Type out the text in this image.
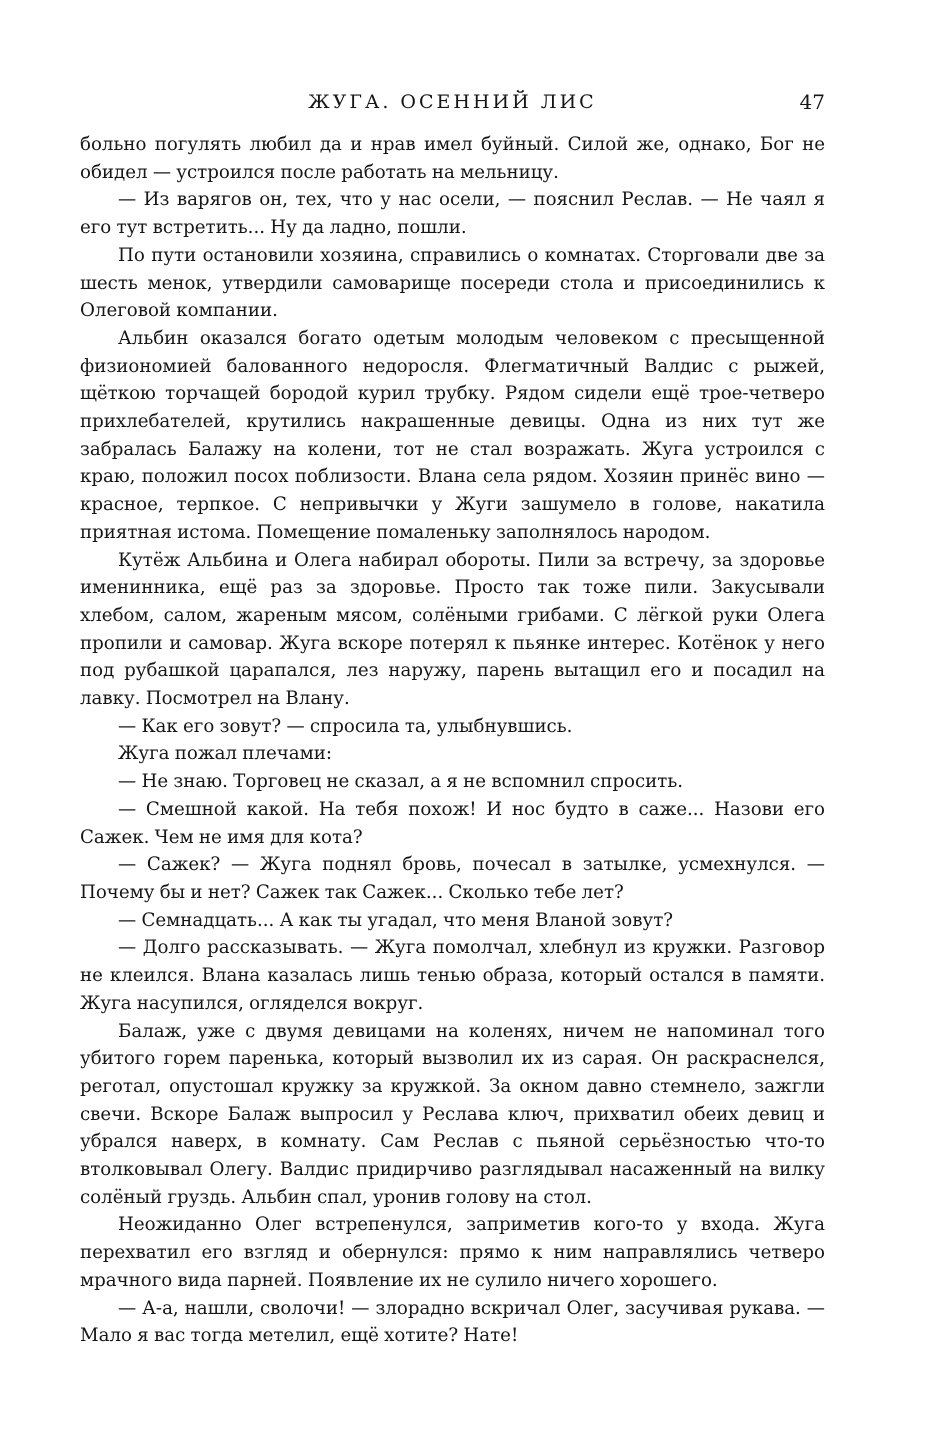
ЖУГА. ОСЕННИЙ ЛИС	47

больно погулять любил да и нрав имел буйный. Силой же, однако, Бог не обидел — устроился после работать на мельницу.

— Из варягов он, тех, что у нас осели, — пояснил Реслав. — Не чаял я его тут встретить... Ну да ладно, пошли.

По пути остановили хозяина, справились о комнатах. Сторговали две за шесть менок, утвердили самоварище посереди стола и присоединились к Олеговой компании.

Альбин оказался богато одетым молодым человеком с пресыщенной физиономией балованного недоросля. Флегматичный Валдис с рыжей, щёткою торчащей бородой курил трубку. Рядом сидели ещё трое-четверо прихлебателей, крутились накрашенные девицы. Одна из них тут же забралась Балажу на колени, тот не стал возражать. Жуга устроился с краю, положил посох поблизости. Влана села рядом. Хозяин принёс вино — красное, терпкое. С непривычки у Жуги зашумело в голове, накатила приятная истома. Помещение помаленьку заполнялось народом.

Кутёж Альбина и Олега набирал обороты. Пили за встречу, за здоровье именинника, ещё раз за здоровье. Просто так тоже пили. Закусывали хлебом, салом, жареным мясом, солёными грибами. С лёгкой руки Олега пропили и самовар. Жуга вскоре потерял к пьянке интерес. Котёнок у него под рубашкой царапался, лез наружу, парень вытащил его и посадил на лавку. Посмотрел на Влану.

— Как его зовут? — спросила та, улыбнувшись.

Жуга пожал плечами:

— Не знаю. Торговец не сказал, а я не вспомнил спросить.

— Смешной какой. На тебя похож! И нос будто в саже... Назови его Сажек. Чем не имя для кота?

— Сажек? — Жуга поднял бровь, почесал в затылке, усмехнулся. — Почему бы и нет? Сажек так Сажек... Сколько тебе лет?

— Семнадцать... А как ты угадал, что меня Вланой зовут?

— Долго рассказывать. — Жуга помолчал, хлебнул из кружки. Разговор не клеился. Влана казалась лишь тенью образа, который остался в памяти. Жуга насупился, огляделся вокруг.

Балаж, уже с двумя девицами на коленях, ничем не напоминал того убитого горем паренька, который вызволил их из сарая. Он раскраснелся, реготал, опустошал кружку за кружкой. За окном давно стемнело, зажгли свечи. Вскоре Балаж выпросил у Реслава ключ, прихватил обеих девиц и убрался наверх, в комнату. Сам Реслав с пьяной серьёзностью что-то втолковывал Олегу. Валдис придирчиво разглядывал насаженный на вилку солёный груздь. Альбин спал, уронив голову на стол.

Неожиданно Олег встрепенулся, заприметив кого-то у входа. Жуга перехватил его взгляд и обернулся: прямо к ним направлялись четверо мрачного вида парней. Появление их не сулило ничего хорошего.

— А-а, нашли, сволочи! — злорадно вскричал Олег, засучивая рукава. — Мало я вас тогда метелил, ещё хотите? Нате!
